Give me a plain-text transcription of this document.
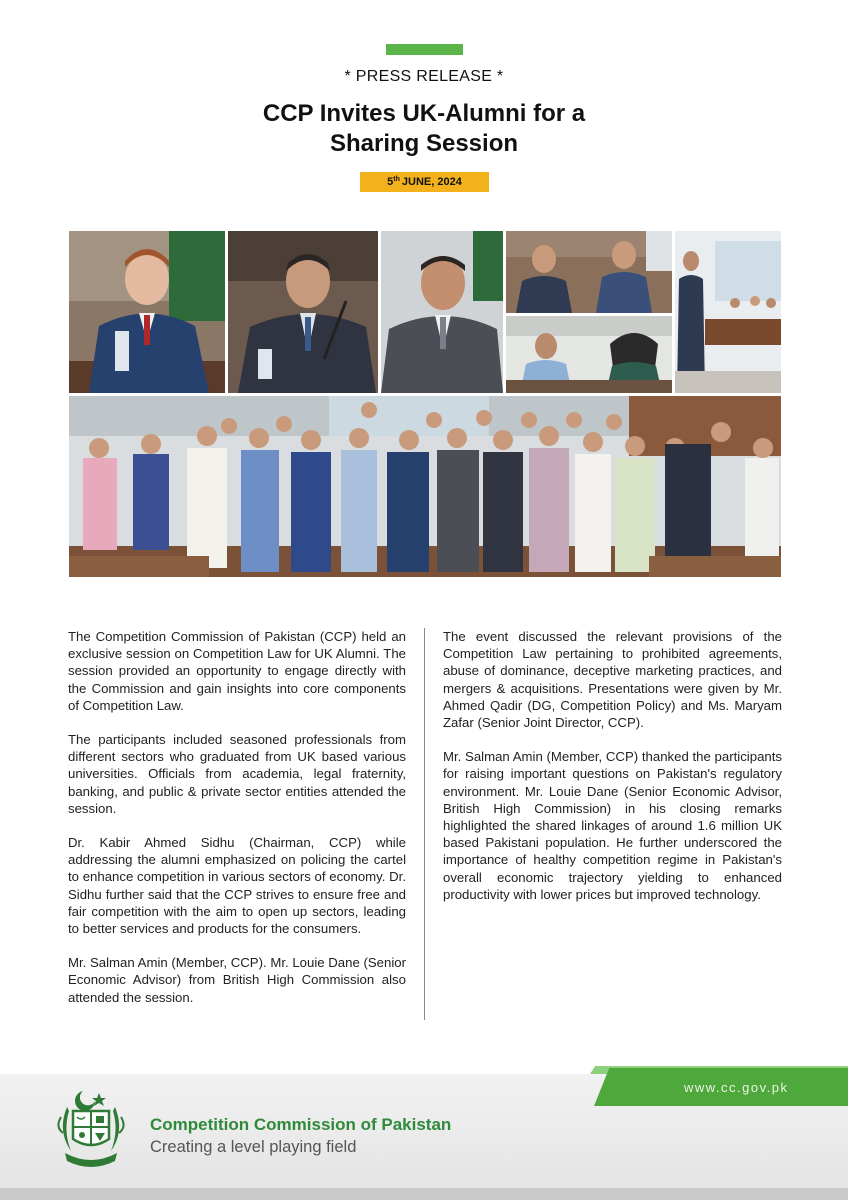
* PRESS RELEASE *
CCP Invites UK-Alumni for a
Sharing Session
5th JUNE, 2024

The Competition Commission of Pakistan (CCP) held an exclusive session on Competition Law for UK Alumni. The session provided an opportunity to engage directly with the Commission and gain insights into core components of Competition Law.

The participants included seasoned professionals from different sectors who graduated from UK based various universities. Officials from academia, legal fraternity, banking, and public & private sector entities attended the session.

Dr. Kabir Ahmed Sidhu (Chairman, CCP) while addressing the alumni emphasized on policing the cartel to enhance competition in various sectors of economy. Dr. Sidhu further said that the CCP strives to ensure free and fair competition with the aim to open up sectors, leading to better services and products for the consumers.

Mr. Salman Amin (Member, CCP). Mr. Louie Dane (Senior Economic Advisor) from British High Commission also attended the session.

The event discussed the relevant provisions of the Competition Law pertaining to prohibited agreements, abuse of dominance, deceptive marketing practices, and mergers & acquisitions. Presentations were given by Mr. Ahmed Qadir (DG, Competition Policy) and Ms. Maryam Zafar (Senior Joint Director, CCP).

Mr. Salman Amin (Member, CCP) thanked the participants for raising important questions on Pakistan's regulatory environment. Mr. Louie Dane (Senior Economic Advisor, British High Commission) in his closing remarks highlighted the shared linkages of around 1.6 million UK based Pakistani population. He further underscored the importance of healthy competition regime in Pakistan's overall economic trajectory yielding to enhanced productivity with lower prices but improved technology.

www.cc.gov.pk
Competition Commission of Pakistan
Creating a level playing field
